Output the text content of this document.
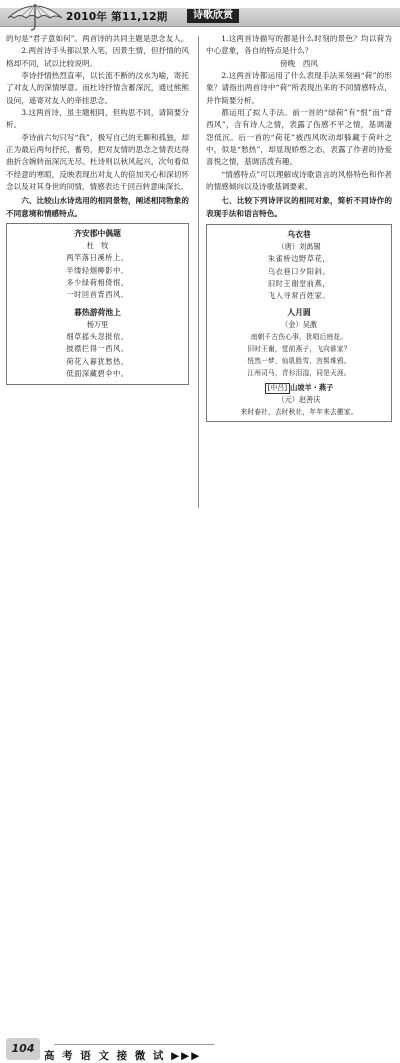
2010年 第11,12期	诗歌欣赏

的句是“君子意如何”。两首诗的共同主题是思念友人。

2.两首诗手头都以景入笔，因景生情，但抒情的风格却不同，试以比较说明。

李诗抒情热烈直率，以长流不断的汶水为喻，寄托了对友人的深情厚意。而杜诗抒情含蓄深沉，通过熊熊设问，遥寄对友人的牵挂思念。

3.这两首诗，虽主题相同，但构思不同，请简要分析。

李诗前六句只写“我”，极写自己的无聊和孤独，却正为最后两句抒托、蓄势，把对友情的思念之情表达得曲折含婉转而深沉无尽。杜诗则以秋风起兴，次句看似不经意的寒暄，反映表现出对友人的倍加关心和深切怀念以及对其身世的同情，情感表达千回百转意味深长。

六、比较山水诗选用的相同景物，阐述相同物象的不同意境和情感特点。

齐安郡中偶题
杜　牧
两竿落日溪桥上，
半缕轻烟柳影中。
多少绿荷相倚恨，
一时回首背西风。
暮热游荷池上
杨万里
细草摇头忽报依，
披襟拦得一西风。
荷花入暮犹愁热，
低面深藏碧伞中。

1.这两首诗描写的都是什么时刻的景色？均以荷为中心意象，各自的特点是什么？

傍晚　西风

2.这两首诗都运用了什么表现手法来刻画“荷”的形象？请指出两首诗中“荷”所表现出来的不同情感特点，并作简要分析。

都运用了拟人手法。前一首的“绿荷”有“恨”而“背西风”，含有诗人之情，表露了伤感不平之情，基调凄怨低沉。后一首的“荷花”被西风吹动却躲藏于荷叶之中，似是“愁热”，却显现娇憨之态，表露了作者的待爱喜悦之情，基调活泼有趣。

“情感特点”可以理解成诗歌语言的风格特色和作者的情感倾向以及诗歌基调要素。

七、比较下列诗评议的相同对象，简析不同诗作的表现手法和语言特色。

乌衣巷
（唐）刘禹锡
朱雀桥边野草花，
乌衣巷口夕阳斜。
旧时王谢堂前燕，
飞入寻常百姓家。
人月圆
（金）吴激
南朝千古伤心事，犹唱后庭花。
旧时王谢，堂前燕子，飞向谁家？
恍然一梦，仙肌胜雪，宫髻堆鸦。
江州司马，青衫泪湿，同是天涯。
[中吕] 山坡羊・燕子
（元）赵善庆
来时春社，去时秋社，年年来去搬家。
104
高 考 语 文 接 微 试 ▶▶▶
